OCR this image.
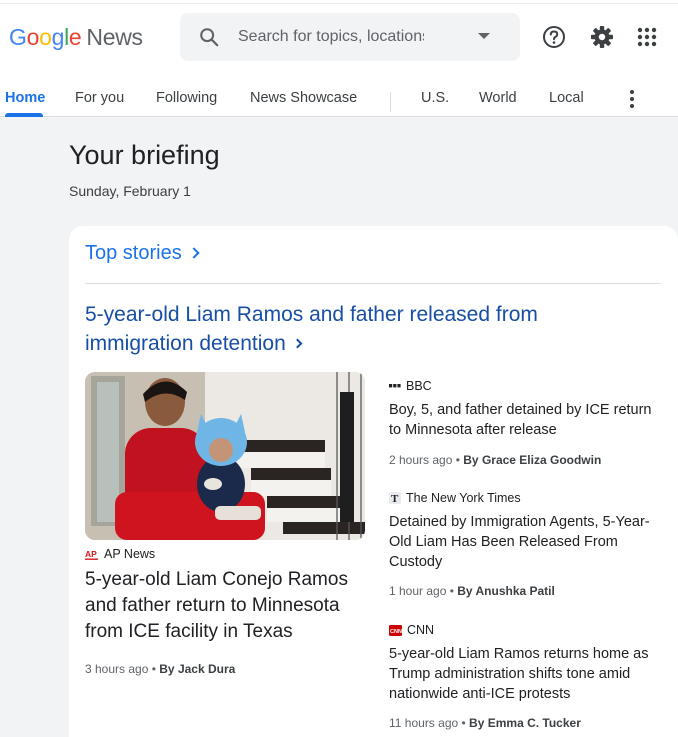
Google News
Search for topics, locations & sources
Home For you Following News Showcase	U.S. World Local
Your briefing
Sunday, February 1
Top stories
5-year-old Liam Ramos and father released from immigration detention
AP AP News
5-year-old Liam Conejo Ramos and father return to Minnesota from ICE facility in Texas
3 hours ago • By Jack Dura
BBC
Boy, 5, and father detained by ICE return to Minnesota after release
2 hours ago • By Grace Eliza Goodwin
T The New York Times
Detained by Immigration Agents, 5-Year-Old Liam Has Been Released From Custody
1 hour ago • By Anushka Patil
CNN CNN
5-year-old Liam Ramos returns home as Trump administration shifts tone amid nationwide anti-ICE protests
11 hours ago • By Emma C. Tucker
